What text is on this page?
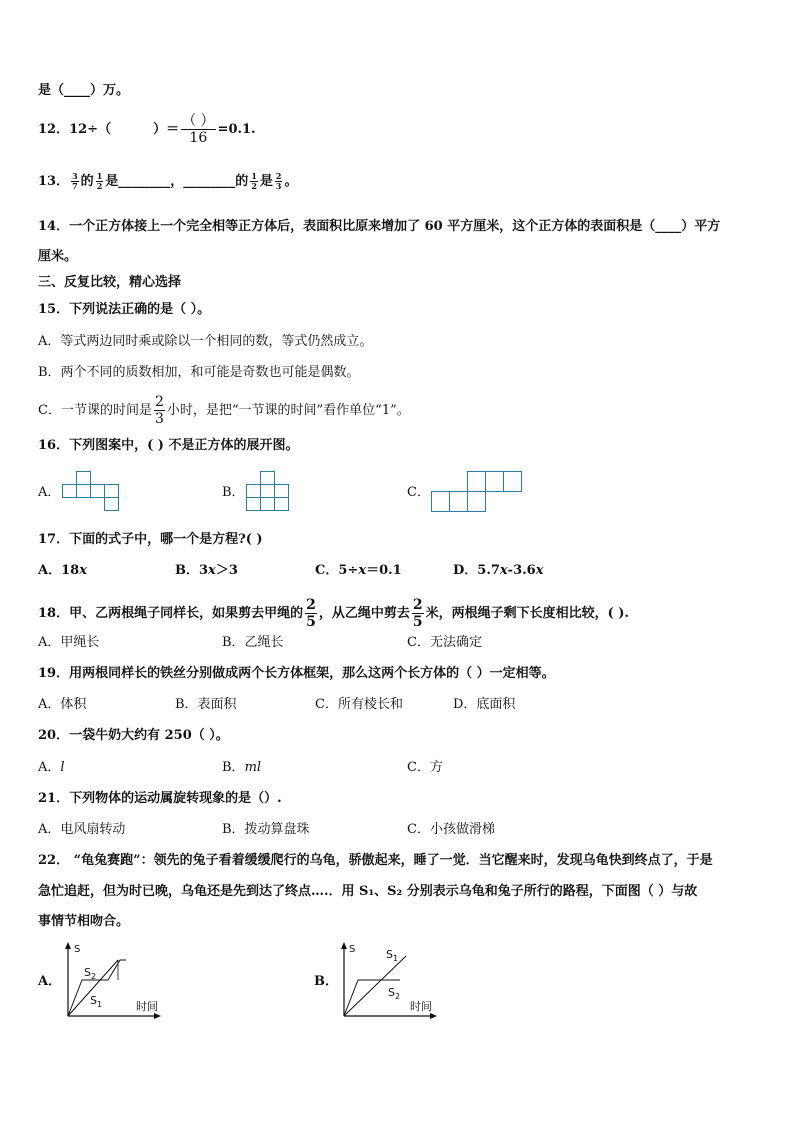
是（____）万。
12．12÷（	）＝ $\frac{( )}{16} =0.1$.
13． $\frac{3}{7}$ 的 $\frac{1}{2}$ 是________，________的 $\frac{1}{2}$ 是 $\frac{2}{3}$ 。
14．一个正方体接上一个完全相等正方体后，表面积比原来增加了 60 平方厘米，这个正方体的表面积是（____）平方
厘米。
三、反复比较，精心选择
15．下列说法正确的是（ ）。
A．等式两边同时乘或除以一个相同的数，等式仍然成立。
B．两个不同的质数相加，和可能是奇数也可能是偶数。
C．一节课的时间是 $\frac{2}{3}$ 小时，是把“一节课的时间”看作单位“1”。
16．下列图案中，( ) 不是正方体的展开图。
A．	B．	C．
17．下面的式子中，哪一个是方程?( )
A．18x	B．3x＞3	C．5÷x＝0.1	D．5.7x-3.6x
18．甲、乙两根绳子同样长，如果剪去甲绳的 $\frac{2}{5}$ ，从乙绳中剪去 $\frac{2}{5}$ 米，两根绳子剩下长度相比较，( ).
A．甲绳长	B．乙绳长	C．无法确定
19．用两根同样长的铁丝分别做成两个长方体框架，那么这两个长方体的（ ）一定相等。
A．体积	B．表面积	C．所有棱长和	D．底面积
20．一袋牛奶大约有 250（ ）。
A．l	B．ml	C．方
21．下列物体的运动属旋转现象的是（）.
A．电风扇转动	B．拨动算盘珠	C．小孩做滑梯
22． “龟兔赛跑”：领先的兔子看着缓缓爬行的乌龟，骄傲起来，睡了一觉．当它醒来时，发现乌龟快到终点了，于是
急忙追赶，但为时已晚，乌龟还是先到达了终点….．用 S₁、S₂ 分别表示乌龟和兔子所行的路程，下面图（ ）与故
事情节相吻合。
A．	B．
S
时间
$S_2$
$S_1$
S
时间
$S_1$
$S_2$
